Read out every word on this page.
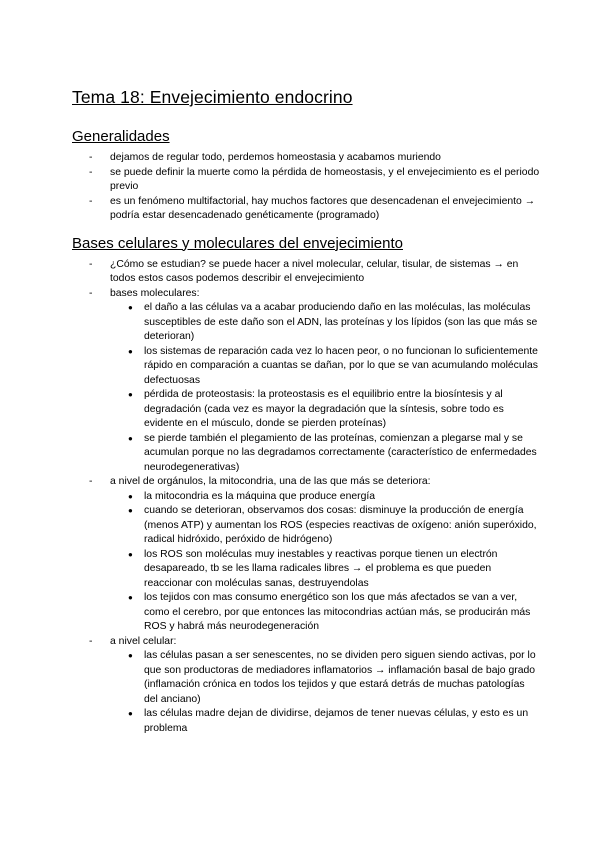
Tema 18: Envejecimiento endocrino
Generalidades
- dejamos de regular todo, perdemos homeostasia y acabamos muriendo
- se puede definir la muerte como la pérdida de homeostasis, y el envejecimiento es el periodo previo
- es un fenómeno multifactorial, hay muchos factores que desencadenan el envejecimiento → podría estar desencadenado genéticamente (programado)
Bases celulares y moleculares del envejecimiento
- ¿Cómo se estudian? se puede hacer a nivel molecular, celular, tisular, de sistemas → en todos estos casos podemos describir el envejecimiento
- bases moleculares:
● el daño a las células va a acabar produciendo daño en las moléculas, las moléculas susceptibles de este daño son el ADN, las proteínas y los lípidos (son las que más se deterioran)
● los sistemas de reparación cada vez lo hacen peor, o no funcionan lo suficientemente rápido en comparación a cuantas se dañan, por lo que se van acumulando moléculas defectuosas
● pérdida de proteostasis: la proteostasis es el equilibrio entre la biosíntesis y al degradación (cada vez es mayor la degradación que la síntesis, sobre todo es evidente en el músculo, donde se pierden proteínas)
● se pierde también el plegamiento de las proteínas, comienzan a plegarse mal y se acumulan porque no las degradamos correctamente (característico de enfermedades neurodegenerativas)
- a nivel de orgánulos, la mitocondria, una de las que más se deteriora:
● la mitocondria es la máquina que produce energía
● cuando se deterioran, observamos dos cosas: disminuye la producción de energía (menos ATP) y aumentan los ROS (especies reactivas de oxígeno: anión superóxido, radical hidróxido, peróxido de hidrógeno)
● los ROS son moléculas muy inestables y reactivas porque tienen un electrón desapareado, tb se les llama radicales libres → el problema es que pueden reaccionar con moléculas sanas, destruyendolas
● los tejidos con mas consumo energético son los que más afectados se van a ver, como el cerebro, por que entonces las mitocondrias actúan más, se producirán más ROS y habrá más neurodegeneración
- a nivel celular:
● las células pasan a ser senescentes, no se dividen pero siguen siendo activas, por lo que son productoras de mediadores inflamatorios → inflamación basal de bajo grado (inflamación crónica en todos los tejidos y que estará detrás de muchas patologías del anciano)
● las células madre dejan de dividirse, dejamos de tener nuevas células, y esto es un problema
